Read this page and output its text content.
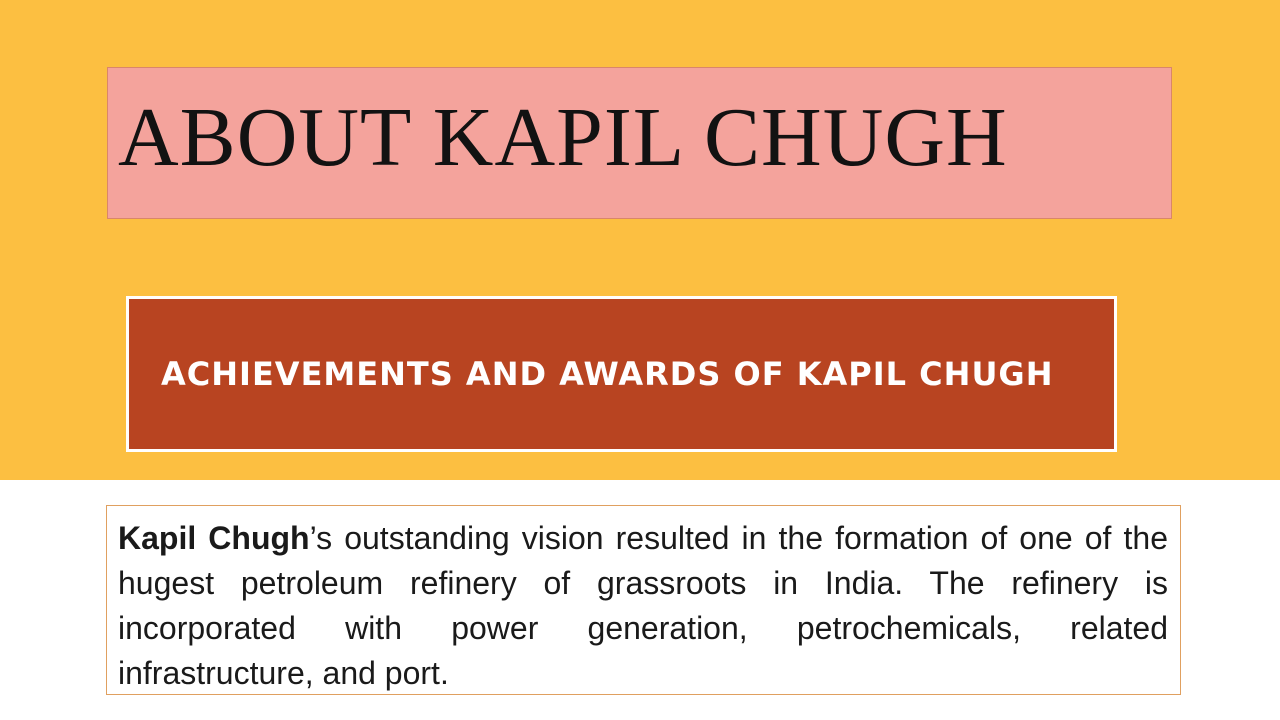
ABOUT KAPIL CHUGH
ACHIEVEMENTS AND AWARDS OF KAPIL CHUGH

Kapil Chugh’s outstanding vision resulted in the formation of one of the hugest petroleum refinery of grassroots in India. The refinery is incorporated with power generation, petrochemicals, related infrastructure, and port.
